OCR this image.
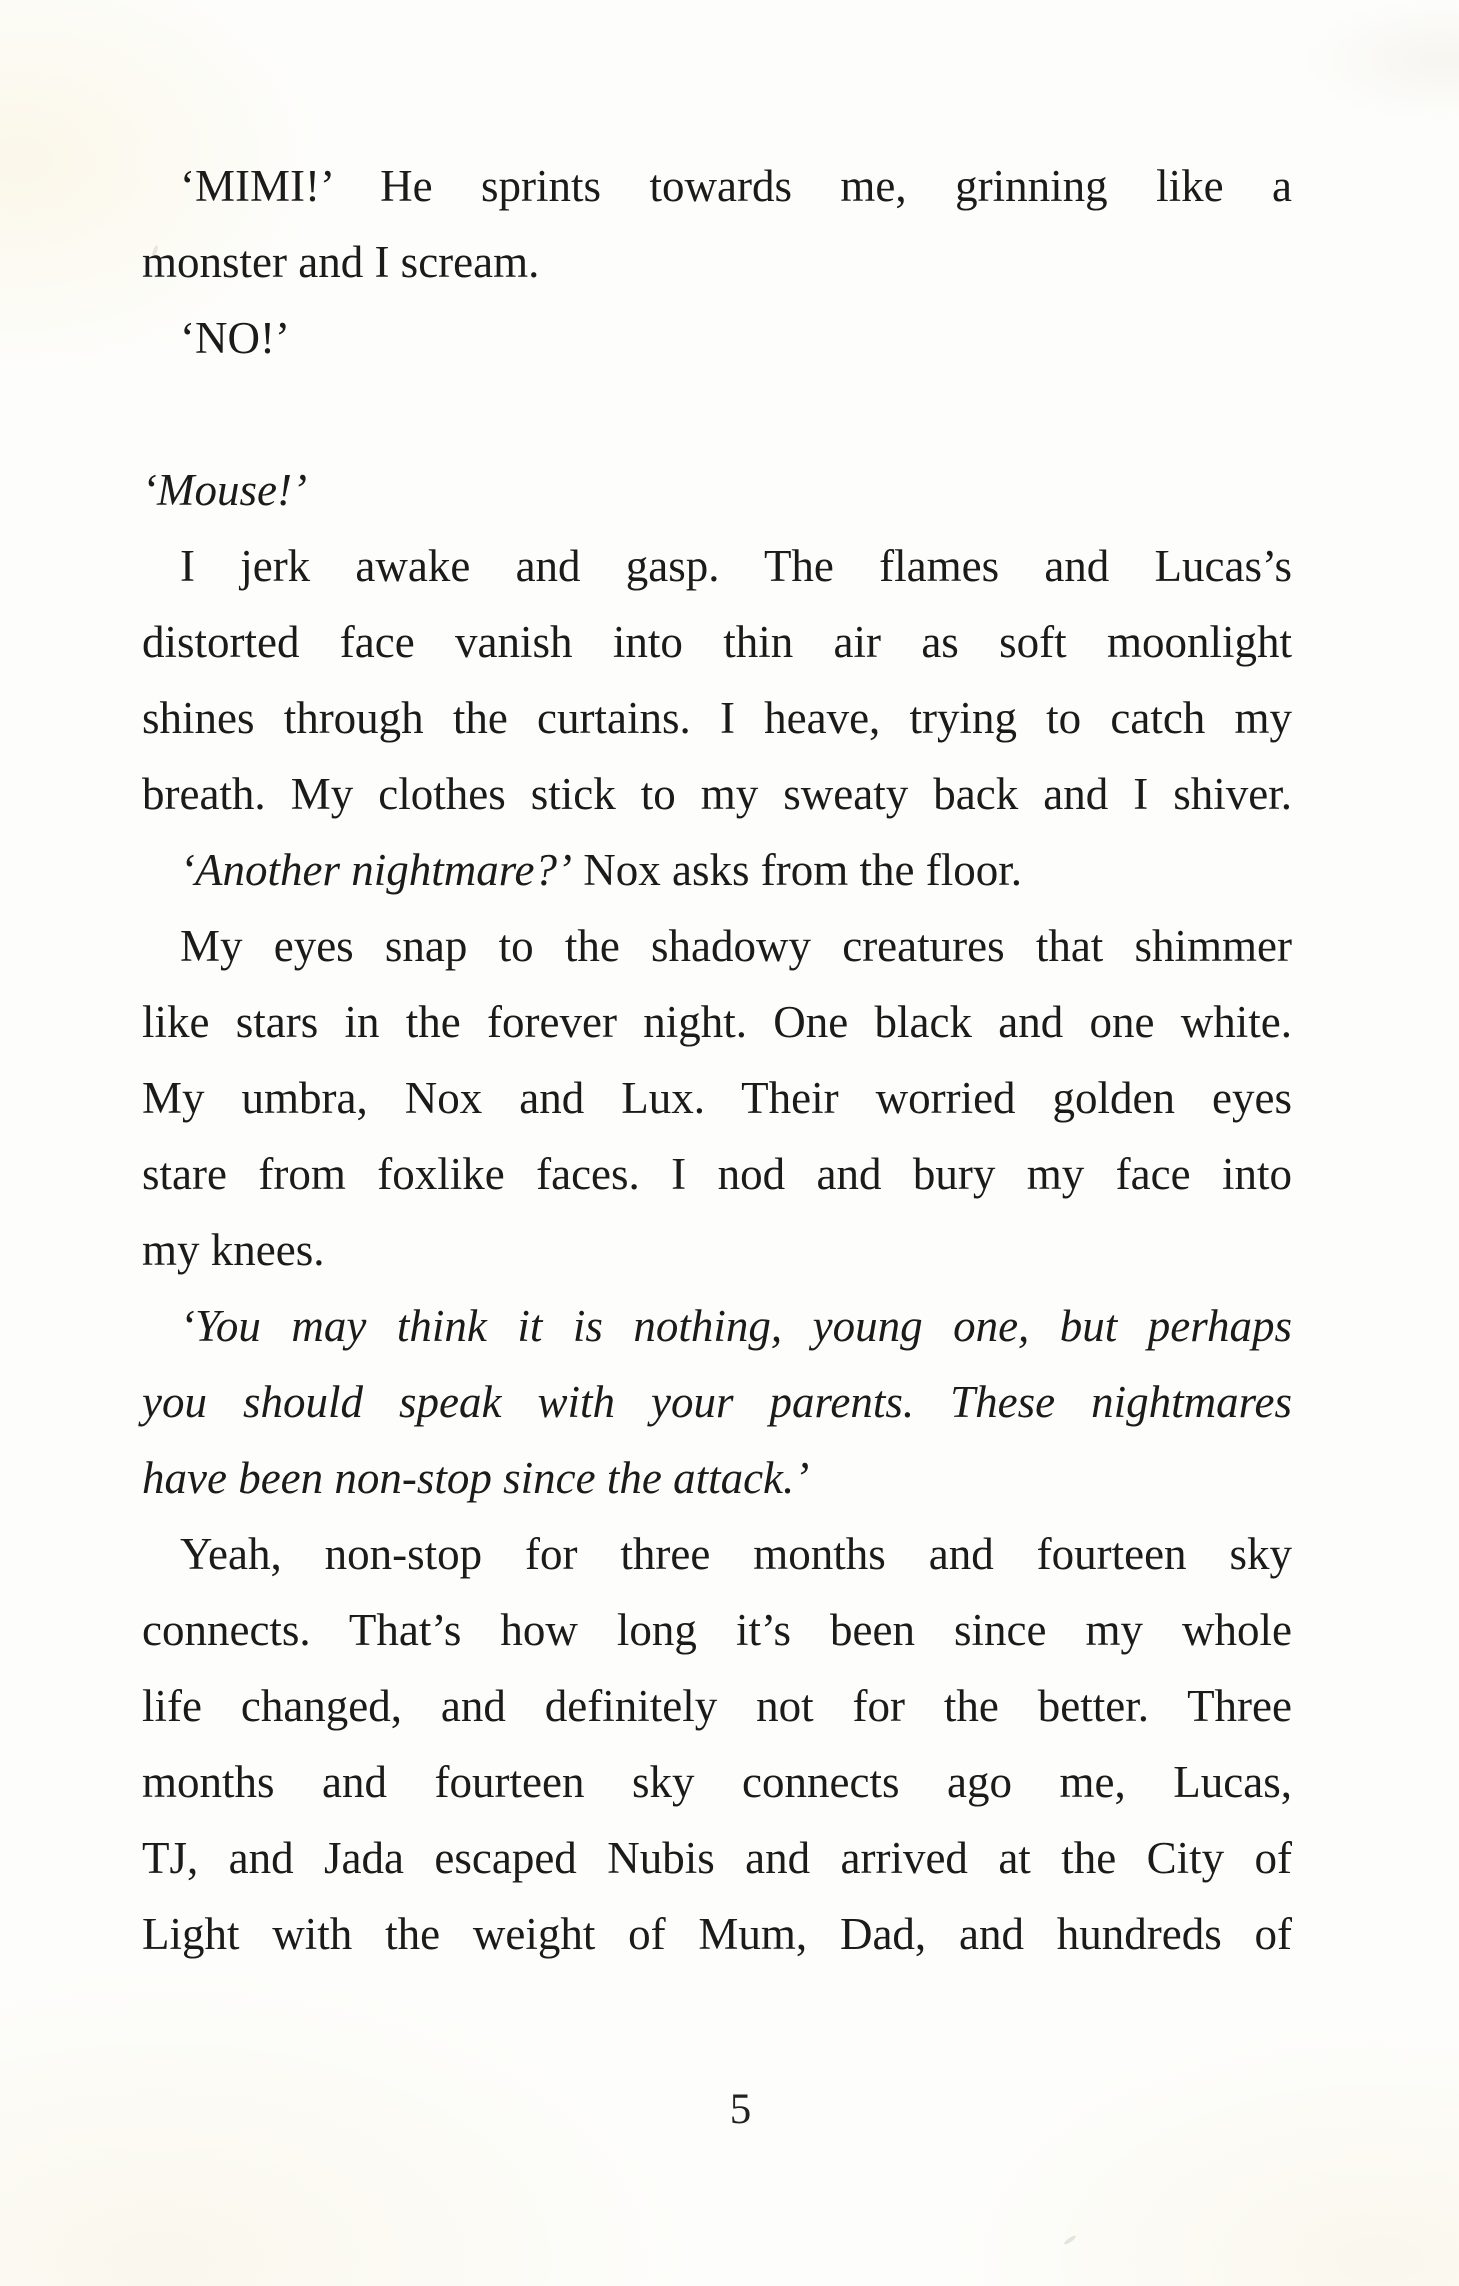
‘MIMI!’ He sprints towards me, grinning like a
monster and I scream.
‘NO!’
‘Mouse!’
I jerk awake and gasp. The flames and Lucas’s
distorted face vanish into thin air as soft moonlight
shines through the curtains. I heave, trying to catch my
breath. My clothes stick to my sweaty back and I shiver.
‘Another nightmare?’ Nox asks from the floor.
My eyes snap to the shadowy creatures that shimmer
like stars in the forever night. One black and one white.
My umbra, Nox and Lux. Their worried golden eyes
stare from foxlike faces. I nod and bury my face into
my knees.
‘You may think it is nothing, young one, but perhaps
you should speak with your parents. These nightmares
have been non-stop since the attack.’
Yeah, non-stop for three months and fourteen sky
connects. That’s how long it’s been since my whole
life changed, and definitely not for the better. Three
months and fourteen sky connects ago me, Lucas,
TJ, and Jada escaped Nubis and arrived at the City of
Light with the weight of Mum, Dad, and hundreds of
5
